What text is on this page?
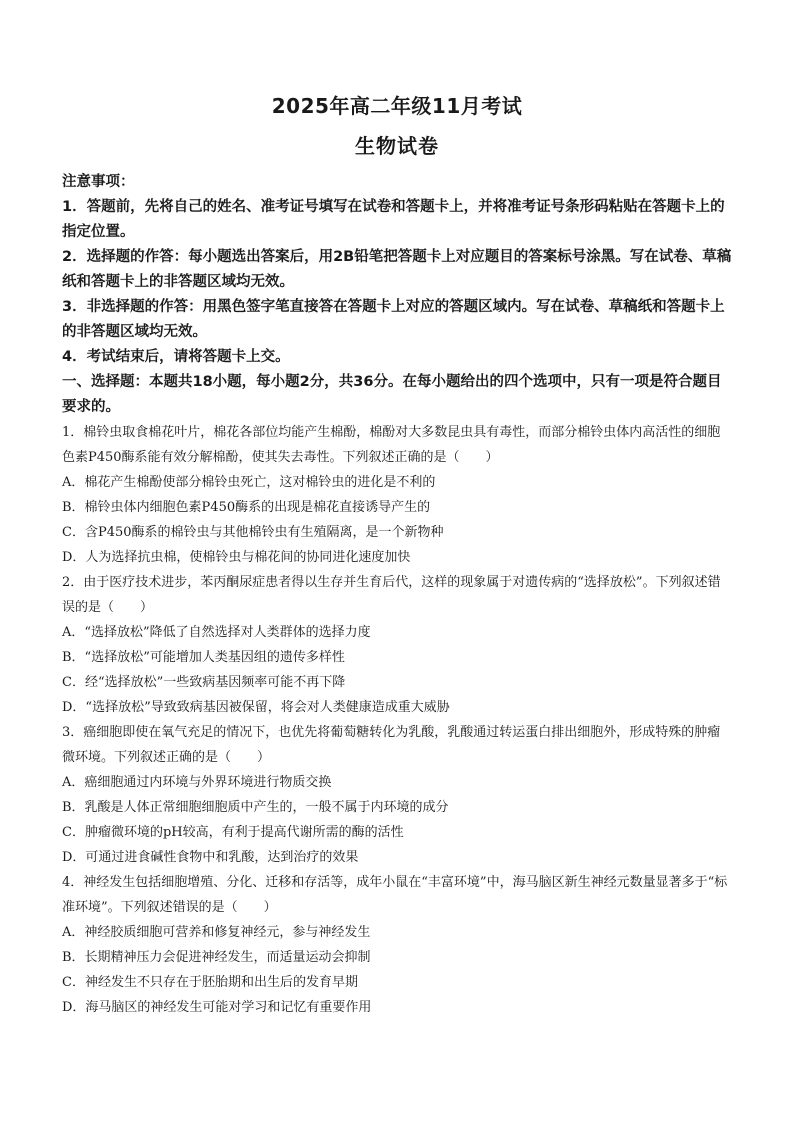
2025年高二年级11月考试
生物试卷

注意事项：

1．答题前，先将自己的姓名、准考证号填写在试卷和答题卡上，并将准考证号条形码粘贴在答题卡上的指定位置。

2．选择题的作答：每小题选出答案后，用2B铅笔把答题卡上对应题目的答案标号涂黑。写在试卷、草稿纸和答题卡上的非答题区域均无效。

3．非选择题的作答：用黑色签字笔直接答在答题卡上对应的答题区域内。写在试卷、草稿纸和答题卡上的非答题区域均无效。

4．考试结束后，请将答题卡上交。

一、选择题：本题共18小题，每小题2分，共36分。在每小题给出的四个选项中，只有一项是符合题目要求的。

1．棉铃虫取食棉花叶片，棉花各部位均能产生棉酚，棉酚对大多数昆虫具有毒性，而部分棉铃虫体内高活性的细胞色素P450酶系能有效分解棉酚，使其失去毒性。下列叙述正确的是（　　）

A．棉花产生棉酚使部分棉铃虫死亡，这对棉铃虫的进化是不利的

B．棉铃虫体内细胞色素P450酶系的出现是棉花直接诱导产生的

C．含P450酶系的棉铃虫与其他棉铃虫有生殖隔离，是一个新物种

D．人为选择抗虫棉，使棉铃虫与棉花间的协同进化速度加快

2．由于医疗技术进步，苯丙酮尿症患者得以生存并生育后代，这样的现象属于对遗传病的“选择放松”。下列叙述错误的是（　　）

A．“选择放松”降低了自然选择对人类群体的选择力度

B．“选择放松”可能增加人类基因组的遗传多样性

C．经“选择放松”一些致病基因频率可能不再下降

D．“选择放松”导致致病基因被保留，将会对人类健康造成重大威胁

3．癌细胞即使在氧气充足的情况下，也优先将葡萄糖转化为乳酸，乳酸通过转运蛋白排出细胞外，形成特殊的肿瘤微环境。下列叙述正确的是（　　）

A．癌细胞通过内环境与外界环境进行物质交换

B．乳酸是人体正常细胞细胞质中产生的，一般不属于内环境的成分

C．肿瘤微环境的pH较高，有利于提高代谢所需的酶的活性

D．可通过进食碱性食物中和乳酸，达到治疗的效果

4．神经发生包括细胞增殖、分化、迁移和存活等，成年小鼠在“丰富环境”中，海马脑区新生神经元数量显著多于“标准环境”。下列叙述错误的是（　　）

A．神经胶质细胞可营养和修复神经元，参与神经发生

B．长期精神压力会促进神经发生，而适量运动会抑制

C．神经发生不只存在于胚胎期和出生后的发育早期

D．海马脑区的神经发生可能对学习和记忆有重要作用
